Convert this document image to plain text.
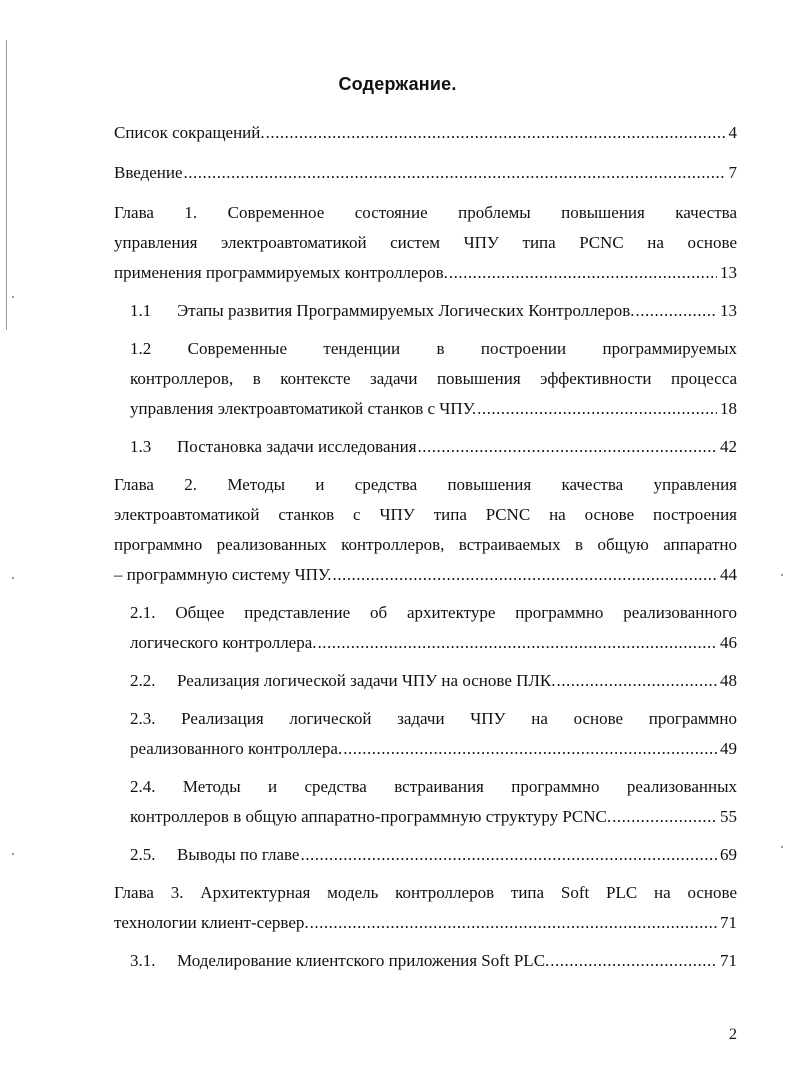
Содержание.
Список сокращений. .....	4
Введение .....	7
Глава 1. Современное состояние проблемы повышения качества
управления электроавтоматикой систем ЧПУ типа PCNC на основе
применения программируемых контроллеров. .....	13
1.1	Этапы развития Программируемых Логических Контроллеров. .....	13
1.2 Современные тенденции в построении программируемых
контроллеров, в контексте задачи повышения эффективности процесса
управления электроавтоматикой станков с ЧПУ. .....	18
1.3	Постановка задачи исследования .....	42
Глава 2. Методы и средства повышения качества управления
электроавтоматикой станков с ЧПУ типа PCNC на основе построения
программно реализованных контроллеров, встраиваемых в общую аппаратно
– программную систему ЧПУ. .....	44
2.1. Общее представление об архитектуре программно реализованного
логического контроллера. .....	46
2.2.	Реализация логической задачи ЧПУ на основе ПЛК. .....	48
2.3. Реализация логической задачи ЧПУ на основе программно
реализованного контроллера. .....	49
2.4. Методы и средства встраивания программно реализованных
контроллеров в общую аппаратно-программную структуру PCNC. .....	55
2.5.	Выводы по главе .....	69
Глава 3. Архитектурная модель контроллеров типа Soft PLC на основе
технологии клиент-сервер. .....	71
3.1.	Моделирование клиентского приложения Soft PLC. .....	71
2
